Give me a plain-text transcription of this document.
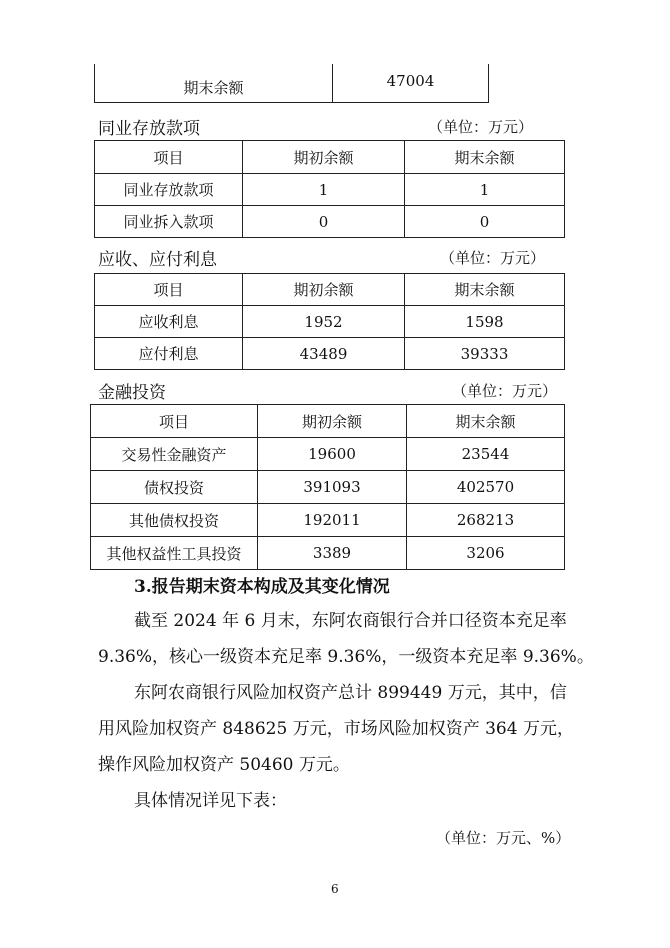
期末余额	47004
同业存放款项	（单位：万元）
项目	期初余额	期末余额
同业存放款项	1	1
同业拆入款项	0	0
应收、应付利息	（单位：万元）
项目	期初余额	期末余额
应收利息	1952	1598
应付利息	43489	39333
金融投资	（单位：万元）
项目	期初余额	期末余额
交易性金融资产	19600	23544
债权投资	391093	402570
其他债权投资	192011	268213
其他权益性工具投资	3389	3206
3.报告期末资本构成及其变化情况
截至 2024 年 6 月末，东阿农商银行合并口径资本充足率
9.36%，核心一级资本充足率 9.36%，一级资本充足率 9.36%。
东阿农商银行风险加权资产总计 899449 万元，其中，信
用风险加权资产 848625 万元，市场风险加权资产 364 万元，
操作风险加权资产 50460 万元。
具体情况详见下表：
（单位：万元、%）
6
